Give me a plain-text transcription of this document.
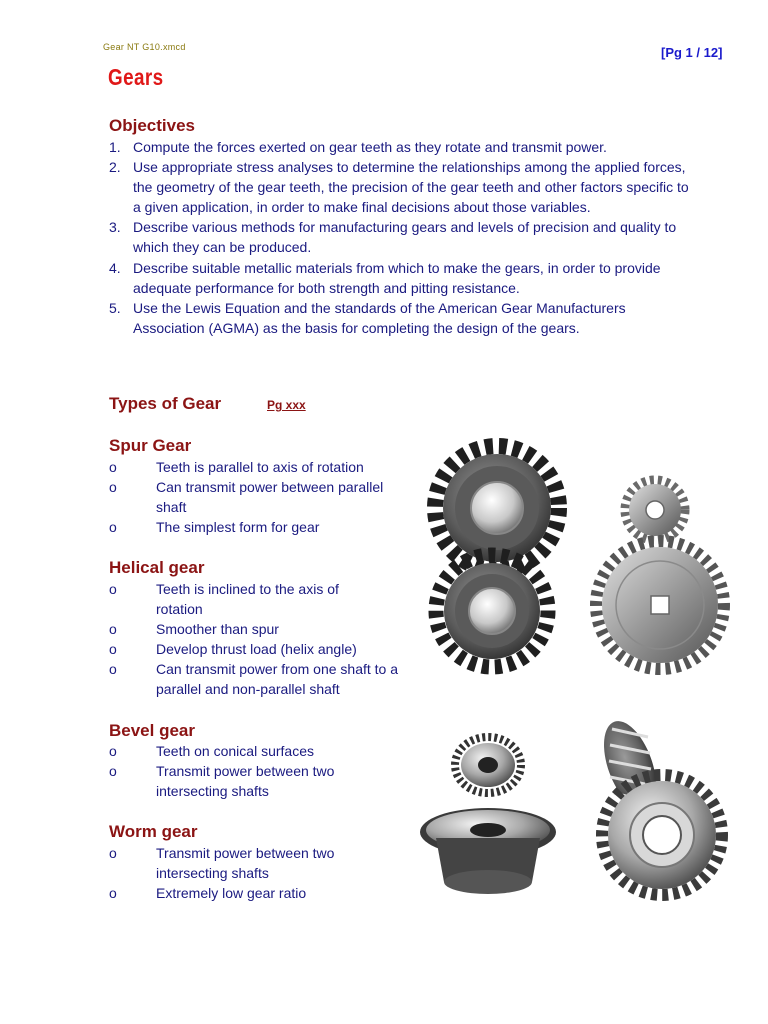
Gear NT G10.xmcd	[Pg 1 / 12]
Gears
Objectives
1. Compute the forces exerted on gear teeth as they rotate and transmit power.
2. Use appropriate stress analyses to determine the relationships among the applied forces, the geometry of the gear teeth, the precision of the gear teeth and other factors specific to a given application, in order to make final decisions about those variables.
3. Describe various methods for manufacturing gears and levels of precision and quality to which they can be produced.
4. Describe suitable metallic materials from which to make the gears, in order to provide adequate performance for both strength and pitting resistance.
5. Use the Lewis Equation and the standards of the American Gear Manufacturers Association (AGMA) as the basis for completing the design of the gears.
Types of Gear	Pg xxx
Spur Gear
o	Teeth is parallel to axis of rotation
o	Can transmit power between parallel shaft
o	The simplest form for gear
Helical gear
o	Teeth is inclined to the axis of rotation
o	Smoother than spur
o	Develop thrust load (helix angle)
o	Can transmit power from one shaft to a parallel and non-parallel shaft
Bevel gear
o	Teeth on conical surfaces
o	Transmit power between two intersecting shafts
Worm gear
o	Transmit power between two intersecting shafts
o	Extremely low gear ratio
